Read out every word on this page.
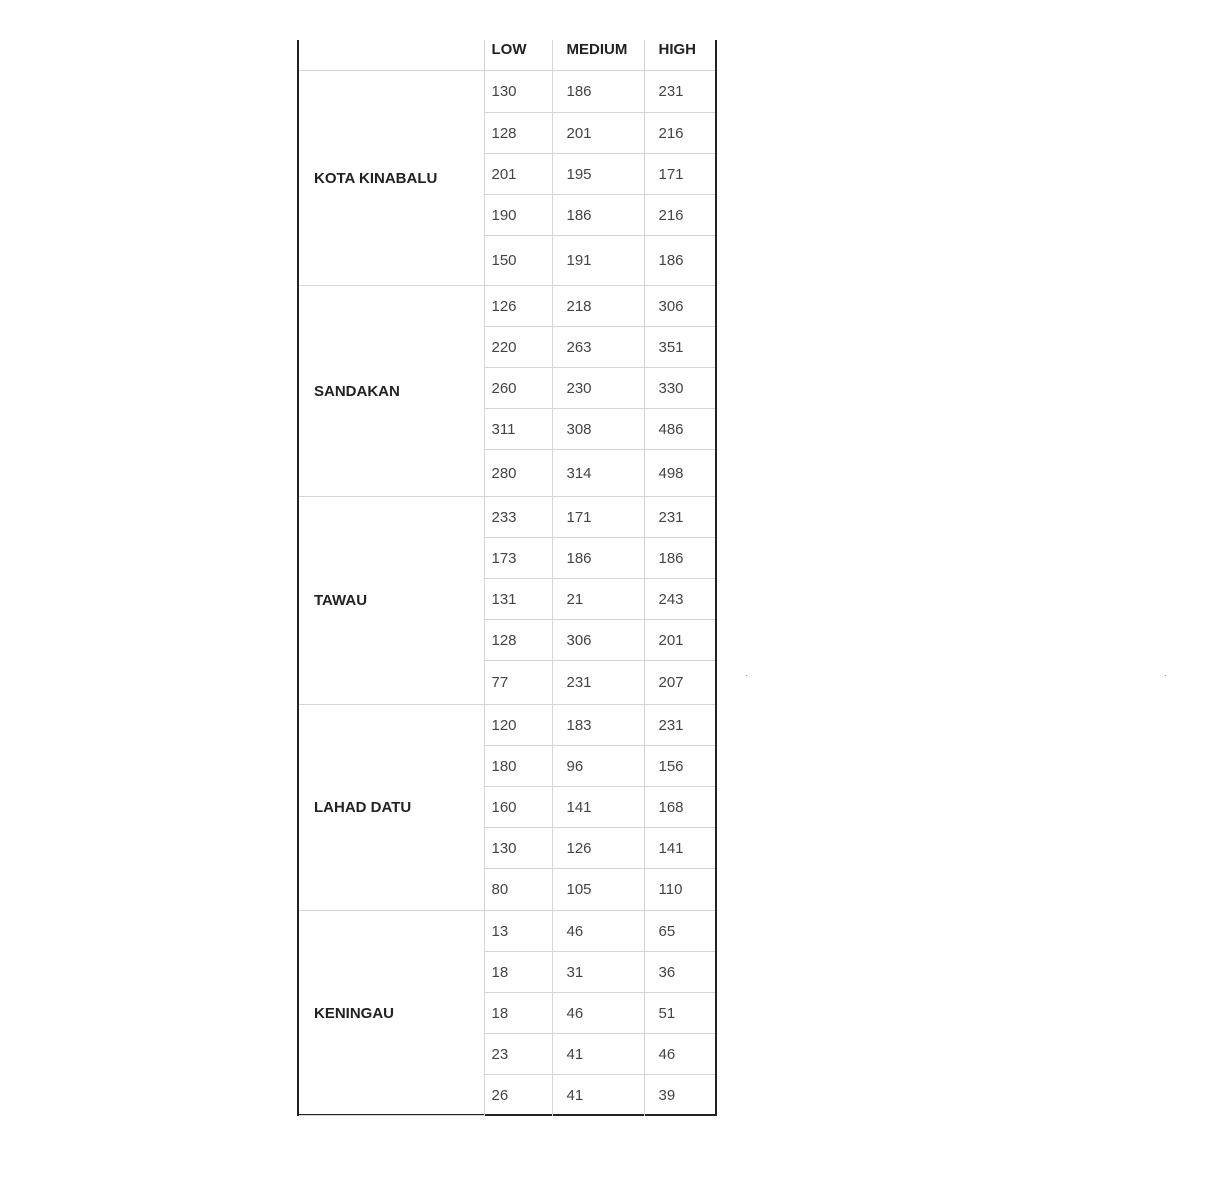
	LOW	MEDIUM	HIGH
KOTA KINABALU	130	186	231
	128	201	216
	201	195	171
	190	186	216
	150	191	186
SANDAKAN	126	218	306
	220	263	351
	260	230	330
	311	308	486
	280	314	498
TAWAU	233	171	231
	173	186	186
	131	21	243
	128	306	201
	77	231	207
LAHAD DATU	120	183	231
	180	96	156
	160	141	168
	130	126	141
	80	105	110
KENINGAU	13	46	65
	18	31	36
	18	46	51
	23	41	46
	26	41	39
